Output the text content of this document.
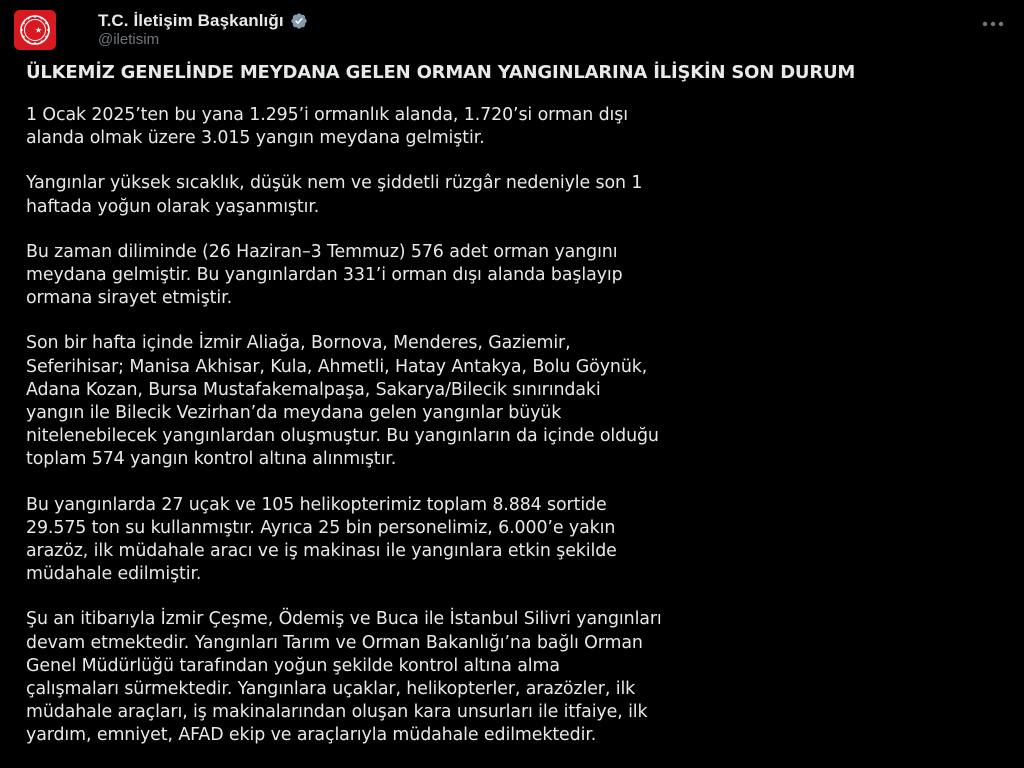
T.C. İletişim Başkanlığı
@iletisim
ÜLKEMİZ GENELİNDE MEYDANA GELEN ORMAN YANGINLARINA İLİŞKİN SON DURUM

1 Ocak 2025’ten bu yana 1.295’i ormanlık alanda, 1.720’si orman dışı
alanda olmak üzere 3.015 yangın meydana gelmiştir.

Yangınlar yüksek sıcaklık, düşük nem ve şiddetli rüzgâr nedeniyle son 1
haftada yoğun olarak yaşanmıştır.

Bu zaman diliminde (26 Haziran–3 Temmuz) 576 adet orman yangını
meydana gelmiştir. Bu yangınlardan 331’i orman dışı alanda başlayıp
ormana sirayet etmiştir.

Son bir hafta içinde İzmir Aliağa, Bornova, Menderes, Gaziemir,
Seferihisar; Manisa Akhisar, Kula, Ahmetli, Hatay Antakya, Bolu Göynük,
Adana Kozan, Bursa Mustafakemalpaşa, Sakarya/Bilecik sınırındaki
yangın ile Bilecik Vezirhan’da meydana gelen yangınlar büyük
nitelenebilecek yangınlardan oluşmuştur. Bu yangınların da içinde olduğu
toplam 574 yangın kontrol altına alınmıştır.

Bu yangınlarda 27 uçak ve 105 helikopterimiz toplam 8.884 sortide
29.575 ton su kullanmıştır. Ayrıca 25 bin personelimiz, 6.000’e yakın
arazöz, ilk müdahale aracı ve iş makinası ile yangınlara etkin şekilde
müdahale edilmiştir.

Şu an itibarıyla İzmir Çeşme, Ödemiş ve Buca ile İstanbul Silivri yangınları
devam etmektedir. Yangınları Tarım ve Orman Bakanlığı’na bağlı Orman
Genel Müdürlüğü tarafından yoğun şekilde kontrol altına alma
çalışmaları sürmektedir. Yangınlara uçaklar, helikopterler, arazözler, ilk
müdahale araçları, iş makinalarından oluşan kara unsurları ile itfaiye, ilk
yardım, emniyet, AFAD ekip ve araçlarıyla müdahale edilmektedir.
